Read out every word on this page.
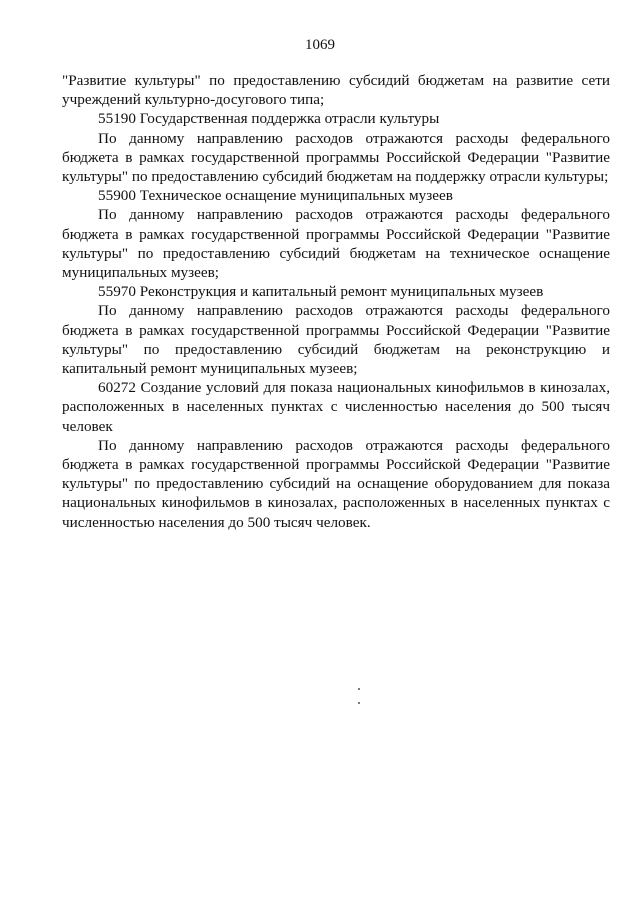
1069

"Развитие культуры" по предоставлению субсидий бюджетам на развитие сети учреждений культурно-досугового типа;

55190 Государственная поддержка отрасли культуры

По данному направлению расходов отражаются расходы федерального бюджета в рамках государственной программы Российской Федерации "Развитие культуры" по предоставлению субсидий бюджетам на поддержку отрасли культуры;

55900 Техническое оснащение муниципальных музеев

По данному направлению расходов отражаются расходы федерального бюджета в рамках государственной программы Российской Федерации "Развитие культуры" по предоставлению субсидий бюджетам на техническое оснащение муниципальных музеев;

55970 Реконструкция и капитальный ремонт муниципальных музеев

По данному направлению расходов отражаются расходы федерального бюджета в рамках государственной программы Российской Федерации "Развитие культуры" по предоставлению субсидий бюджетам на реконструкцию и капитальный ремонт муниципальных музеев;

60272 Создание условий для показа национальных кинофильмов в кинозалах, расположенных в населенных пунктах с численностью населения до 500 тысяч человек

По данному направлению расходов отражаются расходы федерального бюджета в рамках государственной программы Российской Федерации "Развитие культуры" по предоставлению субсидий на оснащение оборудованием для показа национальных кинофильмов в кинозалах, расположенных в населенных пунктах с численностью населения до 500 тысяч человек.
